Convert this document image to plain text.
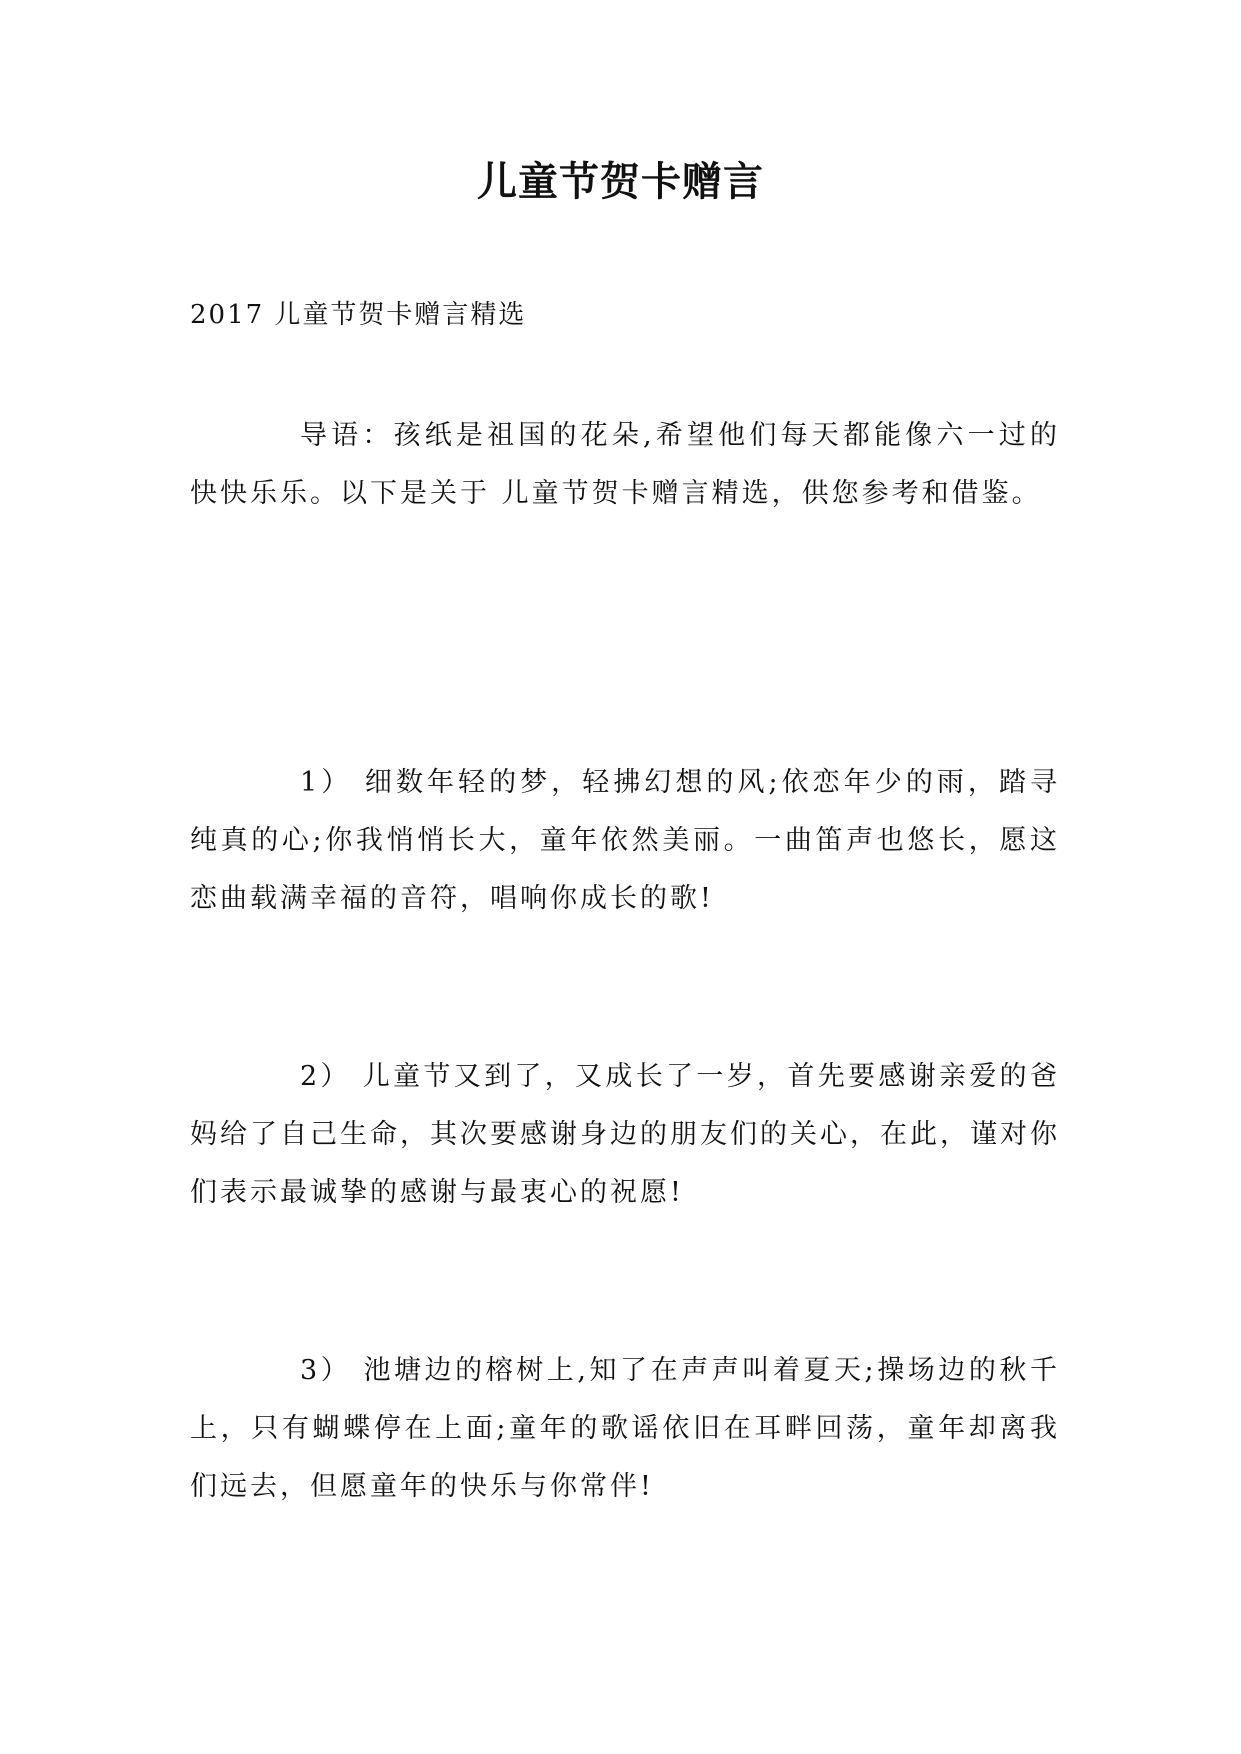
儿童节贺卡赠言

2017 儿童节贺卡赠言精选

导语：孩纸是祖国的花朵,希望他们每天都能像六一过的快快乐乐。以下是关于 儿童节贺卡赠言精选，供您参考和借鉴。

1） 细数年轻的梦，轻拂幻想的风;依恋年少的雨，踏寻纯真的心;你我悄悄长大，童年依然美丽。一曲笛声也悠长，愿这恋曲载满幸福的音符，唱响你成长的歌!

2） 儿童节又到了，又成长了一岁，首先要感谢亲爱的爸妈给了自己生命，其次要感谢身边的朋友们的关心，在此，谨对你们表示最诚挚的感谢与最衷心的祝愿!

3） 池塘边的榕树上,知了在声声叫着夏天;操场边的秋千上，只有蝴蝶停在上面;童年的歌谣依旧在耳畔回荡，童年却离我们远去，但愿童年的快乐与你常伴!
